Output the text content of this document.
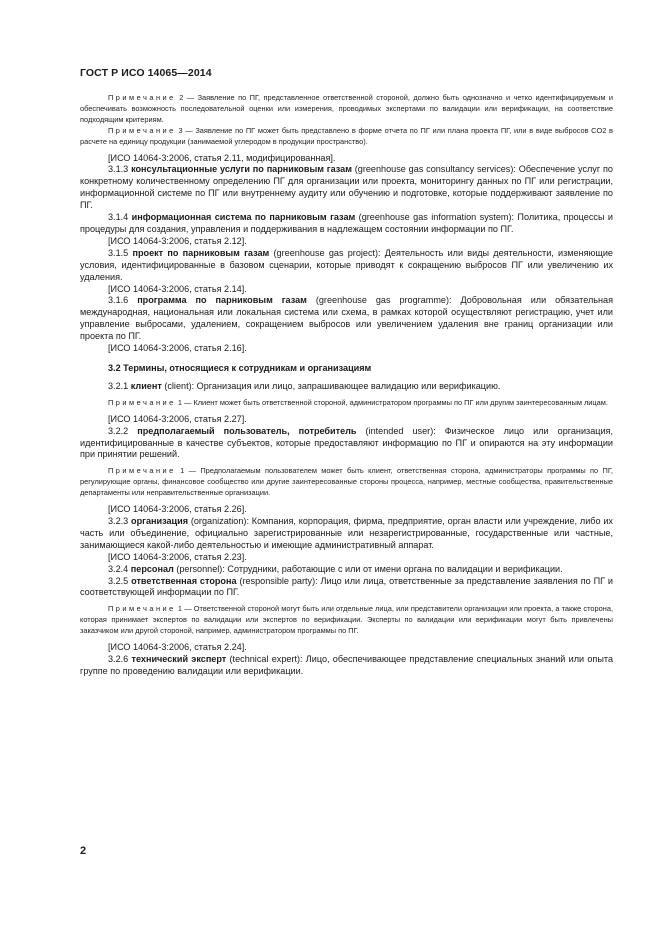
ГОСТ Р ИСО 14065—2014

Примечание 2 — Заявление по ПГ, представленное ответственной стороной, должно быть однозначно и четко идентифицируемым и обеспечивать возможность последовательной оценки или измерения, проводимых экспертами по валидации или верификации, на соответствие подходящим критериям.

Примечание 3 — Заявление по ПГ может быть представлено в форме отчета по ПГ или плана проекта ПГ, или в виде выбросов CO2 в расчете на единицу продукции (занимаемой углеродом в продукции пространство).

[ИСО 14064-3:2006, статья 2.11, модифицированная].

3.1.3 консультационные услуги по парниковым газам (greenhouse gas consultancy services): Обеспечение услуг по конкретному количественному определению ПГ для организации или проекта, мониторингу данных по ПГ или регистрации, информационной системе по ПГ или внутреннему аудиту или обучению и подготовке, которые поддерживают заявление по ПГ.

3.1.4 информационная система по парниковым газам (greenhouse gas information system): Политика, процессы и процедуры для создания, управления и поддерживания в надлежащем состоянии информации по ПГ.

[ИСО 14064-3:2006, статья 2.12].

3.1.5 проект по парниковым газам (greenhouse gas project): Деятельность или виды деятельности, изменяющие условия, идентифицированные в базовом сценарии, которые приводят к сокращению выбросов ПГ или увеличению их удаления.

[ИСО 14064-3:2006, статья 2.14].

3.1.6 программа по парниковым газам (greenhouse gas programme): Добровольная или обязательная международная, национальная или локальная система или схема, в рамках которой осуществляют регистрацию, учет или управление выбросами, удалением, сокращением выбросов или увеличением удаления вне границ организации или проекта по ПГ.

[ИСО 14064-3:2006, статья 2.16].

3.2 Термины, относящиеся к сотрудникам и организациям

3.2.1 клиент (client): Организация или лицо, запрашивающее валидацию или верификацию.

Примечание 1 — Клиент может быть ответственной стороной, администратором программы по ПГ или другим заинтересованным лицам.

[ИСО 14064-3:2006, статья 2.27].

3.2.2 предполагаемый пользователь, потребитель (intended user): Физическое лицо или организация, идентифицированные в качестве субъектов, которые предоставляют информацию по ПГ и опираются на эту информации при принятии решений.

Примечание 1 — Предполагаемым пользователем может быть клиент, ответственная сторона, администраторы программы по ПГ, регулирующие органы, финансовое сообщество или другие заинтересованные стороны процесса, например, местные сообщества, правительственные департаменты или неправительственные организации.

[ИСО 14064-3:2006, статья 2.26].

3.2.3 организация (organization): Компания, корпорация, фирма, предприятие, орган власти или учреждение, либо их часть или объединение, официально зарегистрированные или незарегистрированные, государственные или частные, занимающиеся какой-либо деятельностью и имеющие административный аппарат.

[ИСО 14064-3:2006, статья 2.23].

3.2.4 персонал (personnel): Сотрудники, работающие с или от имени органа по валидации и верификации.

3.2.5 ответственная сторона (responsible party): Лицо или лица, ответственные за представление заявления по ПГ и соответствующей информации по ПГ.

Примечание 1 — Ответственной стороной могут быть или отдельные лица, или представители организации или проекта, а также сторона, которая принимает экспертов по валидации или экспертов по верификации. Эксперты по валидации или верификации могут быть привлечены заказчиком или другой стороной, например, администратором программы по ПГ.

[ИСО 14064-3:2006, статья 2.24].

3.2.6 технический эксперт (technical expert): Лицо, обеспечивающее представление специальных знаний или опыта группе по проведению валидации или верификации.

2
